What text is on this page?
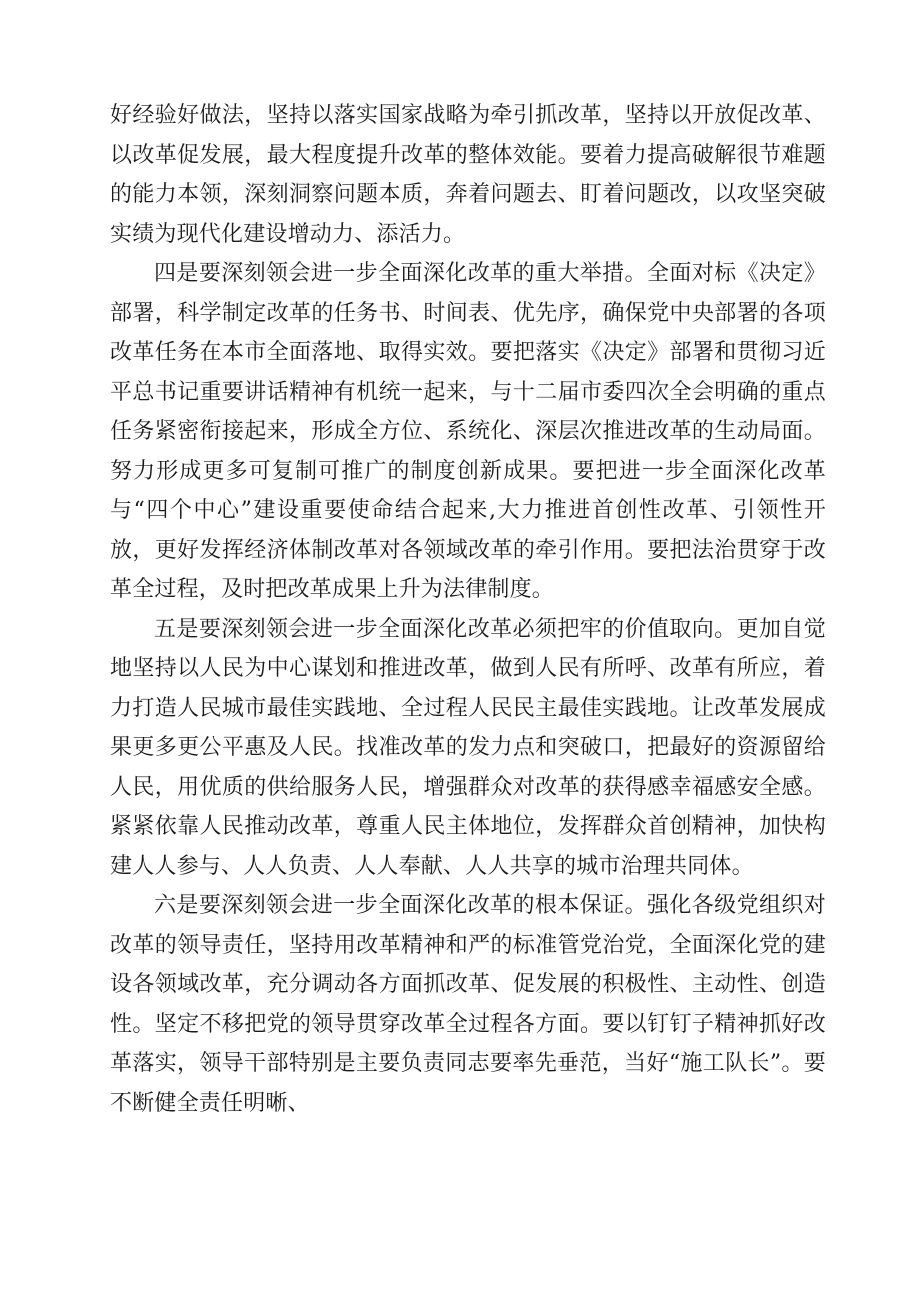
好经验好做法，坚持以落实国家战略为牵引抓改革，坚持以开放促改革、以改革促发展，最大程度提升改革的整体效能。要着力提高破解很节难题的能力本领，深刻洞察问题本质，奔着问题去、盯着问题改，以攻坚突破实绩为现代化建设增动力、添活力。

四是要深刻领会进一步全面深化改革的重大举措。全面对标《决定》部署，科学制定改革的任务书、时间表、优先序，确保党中央部署的各项改革任务在本市全面落地、取得实效。要把落实《决定》部署和贯彻习近平总书记重要讲话精神有机统一起来，与十二届市委四次全会明确的重点任务紧密衔接起来，形成全方位、系统化、深层次推进改革的生动局面。努力形成更多可复制可推广的制度创新成果。要把进一步全面深化改革与“四个中心”建设重要使命结合起来,大力推进首创性改革、引领性开放，更好发挥经济体制改革对各领域改革的牵引作用。要把法治贯穿于改革全过程，及时把改革成果上升为法律制度。

五是要深刻领会进一步全面深化改革必须把牢的价值取向。更加自觉地坚持以人民为中心谋划和推进改革，做到人民有所呼、改革有所应，着力打造人民城市最佳实践地、全过程人民民主最佳实践地。让改革发展成果更多更公平惠及人民。找准改革的发力点和突破口，把最好的资源留给人民，用优质的供给服务人民，增强群众对改革的获得感幸福感安全感。紧紧依靠人民推动改革，尊重人民主体地位，发挥群众首创精神，加快构建人人参与、人人负责、人人奉献、人人共享的城市治理共同体。

六是要深刻领会进一步全面深化改革的根本保证。强化各级党组织对改革的领导责任，坚持用改革精神和严的标准管党治党，全面深化党的建设各领域改革，充分调动各方面抓改革、促发展的积极性、主动性、创造性。坚定不移把党的领导贯穿改革全过程各方面。要以钉钉子精神抓好改革落实，领导干部特别是主要负责同志要率先垂范，当好“施工队长”。要不断健全责任明晰、
